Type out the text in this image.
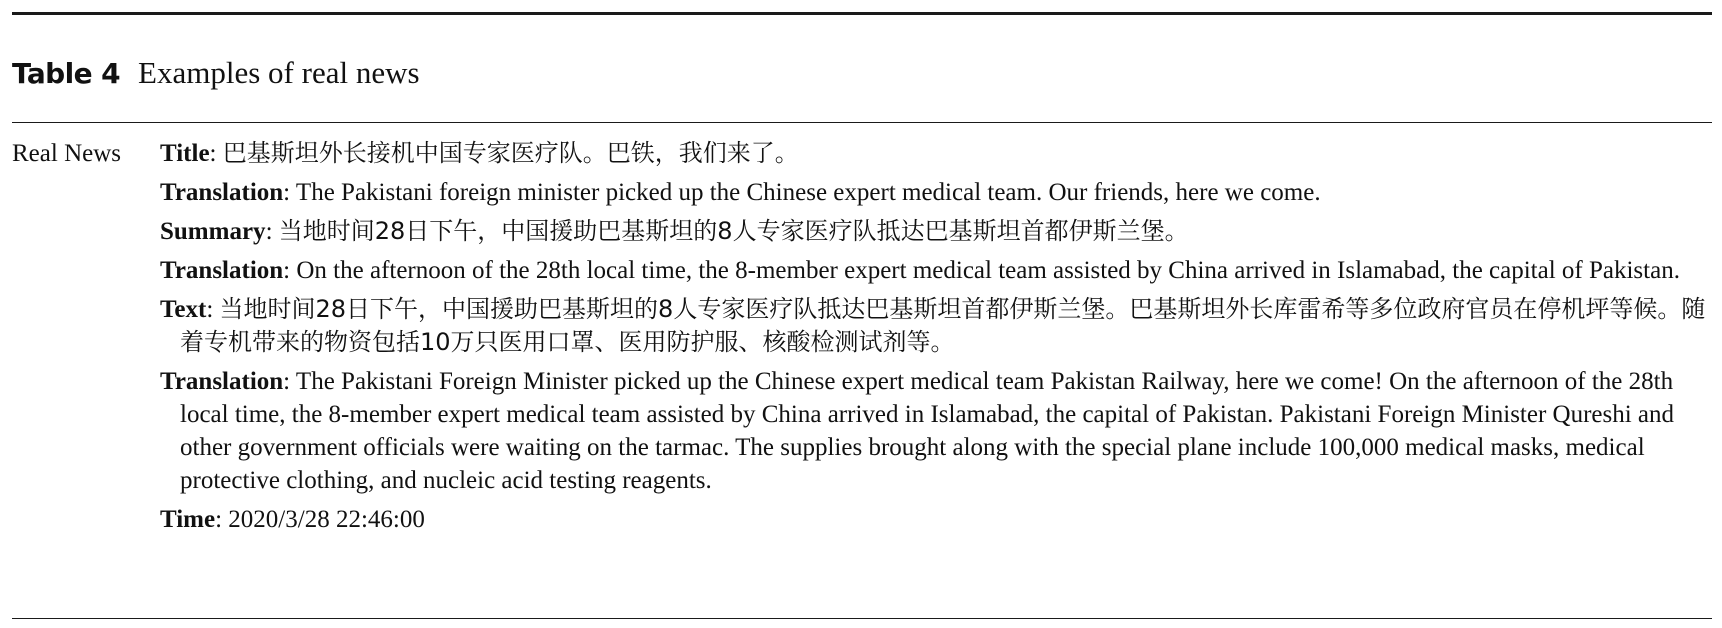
Table 4 Examples of real news
Real News	Title: 巴基斯坦外长接机中国专家医疗队。巴铁，我们来了。
Translation: The Pakistani foreign minister picked up the Chinese expert medical team. Our friends, here we come.
Summary: 当地时间28日下午，中国援助巴基斯坦的8人专家医疗队抵达巴基斯坦首都伊斯兰堡。
Translation: On the afternoon of the 28th local time, the 8-member expert medical team assisted by China arrived in Islamabad, the capital of Pakistan.
Text: 当地时间28日下午，中国援助巴基斯坦的8人专家医疗队抵达巴基斯坦首都伊斯兰堡。巴基斯坦外长库雷希等多位政府官员在停机坪等候。随着专机带来的物资包括10万只医用口罩、医用防护服、核酸检测试剂等。
Translation: The Pakistani Foreign Minister picked up the Chinese expert medical team Pakistan Railway, here we come! On the afternoon of the 28th local time, the 8-member expert medical team assisted by China arrived in Islamabad, the capital of Pakistan. Pakistani Foreign Minister Qureshi and other government officials were waiting on the tarmac. The supplies brought along with the special plane include 100,000 medical masks, medical protective clothing, and nucleic acid testing reagents.
Time: 2020/3/28 22:46:00
